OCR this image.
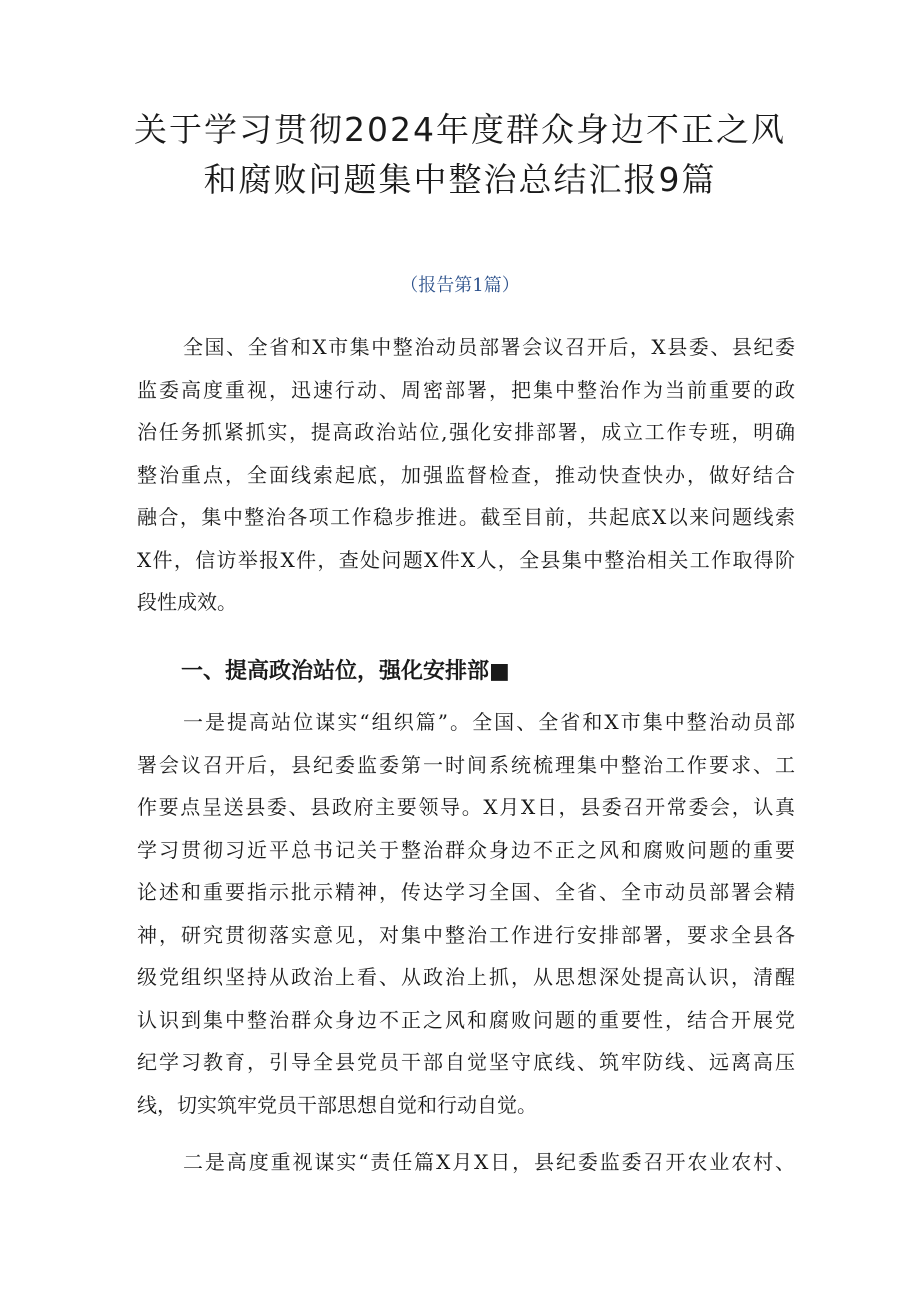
关于学习贯彻2024年度群众身边不正之风
和腐败问题集中整治总结汇报9篇
（报告第1篇）
全国、全省和X市集中整治动员部署会议召开后，X县委、县纪委
监委高度重视，迅速行动、周密部署，把集中整治作为当前重要的政
治任务抓紧抓实，提高政治站位,强化安排部署，成立工作专班，明确
整治重点，全面线索起底，加强监督检查，推动快查快办，做好结合
融合，集中整治各项工作稳步推进。截至目前，共起底X以来问题线索
X件，信访举报X件，查处问题X件X人，全县集中整治相关工作取得阶
段性成效。
一、提高政治站位，强化安排部■
一是提高站位谋实“组织篇”。全国、全省和X市集中整治动员部
署会议召开后，县纪委监委第一时间系统梳理集中整治工作要求、工
作要点呈送县委、县政府主要领导。X月X日，县委召开常委会，认真
学习贯彻习近平总书记关于整治群众身边不正之风和腐败问题的重要
论述和重要指示批示精神，传达学习全国、全省、全市动员部署会精
神，研究贯彻落实意见，对集中整治工作进行安排部署，要求全县各
级党组织坚持从政治上看、从政治上抓，从思想深处提高认识，清醒
认识到集中整治群众身边不正之风和腐败问题的重要性，结合开展党
纪学习教育，引导全县党员干部自觉坚守底线、筑牢防线、远离高压
线，切实筑牢党员干部思想自觉和行动自觉。
二是高度重视谋实“责任篇X月X日，县纪委监委召开农业农村、
